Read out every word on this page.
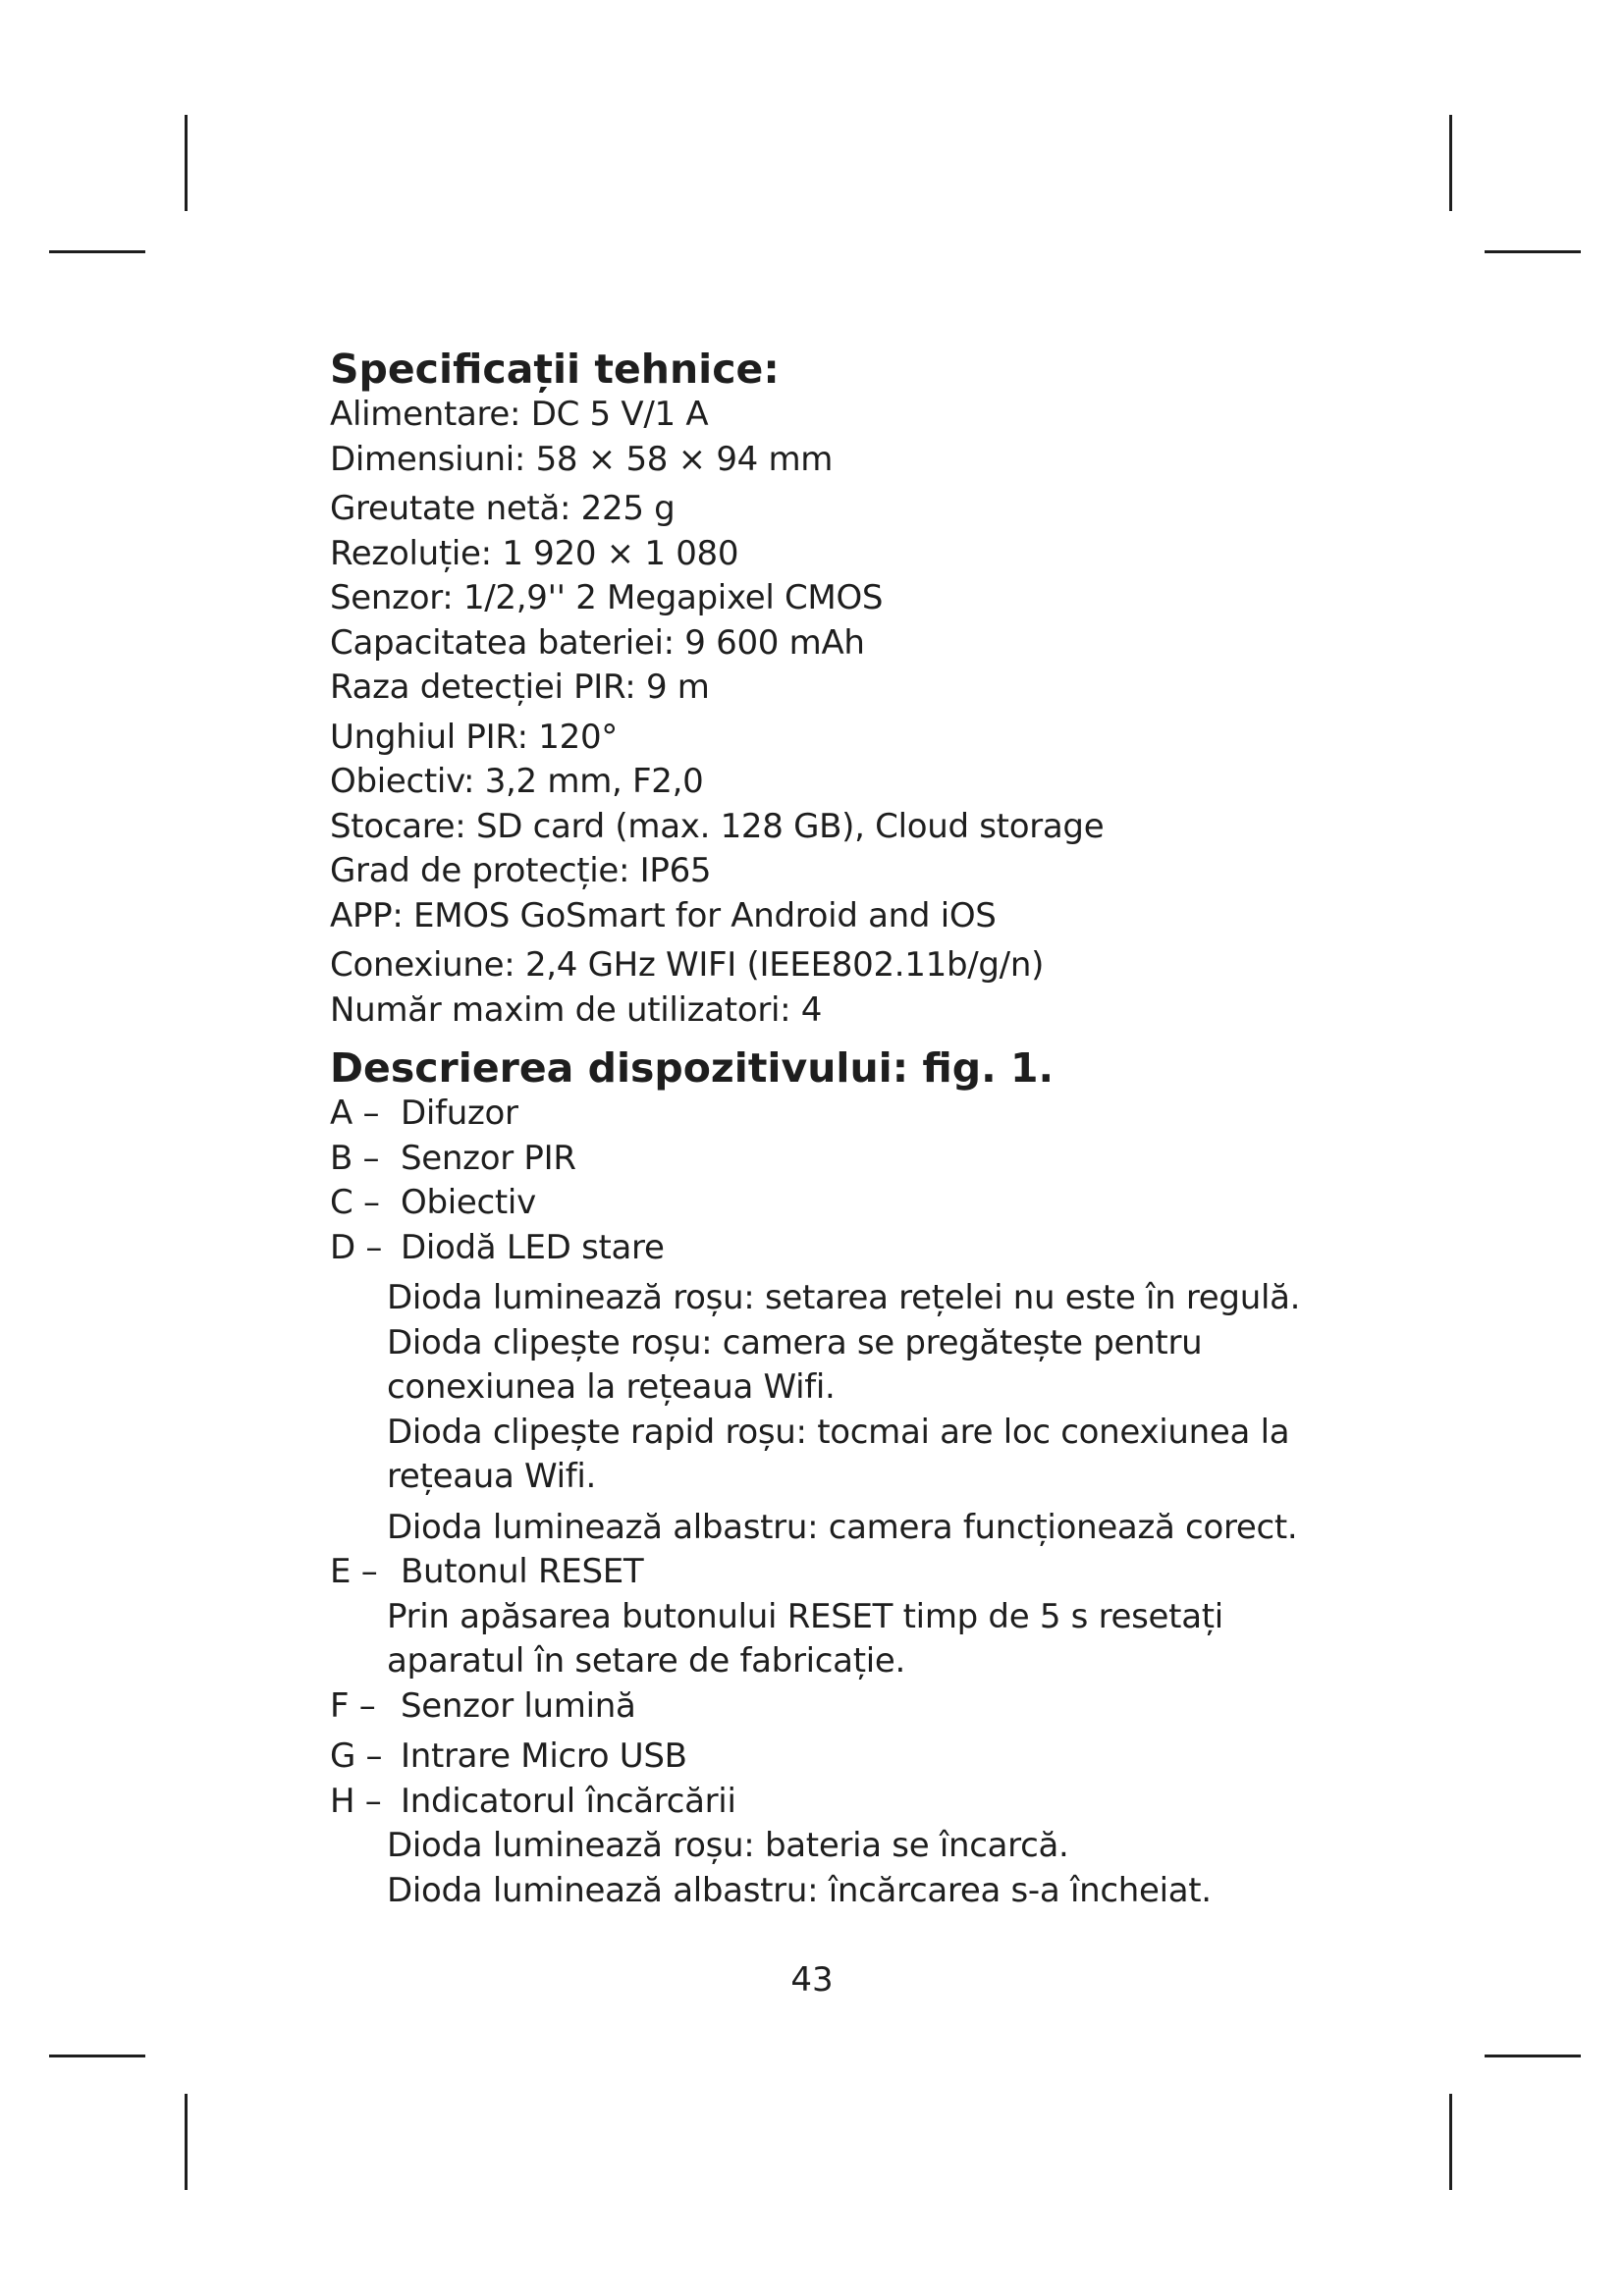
Specificații tehnice:

Alimentare: DC 5 V/1 A

Dimensiuni: 58 × 58 × 94 mm

Greutate netă: 225 g

Rezoluție: 1 920 × 1 080

Senzor: 1/2,9'' 2 Megapixel CMOS

Capacitatea bateriei: 9 600 mAh

Raza detecției PIR: 9 m

Unghiul PIR: 120°

Obiectiv: 3,2 mm, F2,0

Stocare: SD card (max. 128 GB), Cloud storage

Grad de protecție: IP65

APP: EMOS GoSmart for Android and iOS

Conexiune: 2,4 GHz WIFI (IEEE802.11b/g/n)

Număr maxim de utilizatori: 4

Descrierea dispozitivului: fig. 1.
A – Difuzor
B – Senzor PIR
C – Obiectiv
D – Diodă LED stare

Dioda luminează roșu: setarea rețelei nu este în regulă.

Dioda clipește roșu: camera se pregătește pentru conexiunea la rețeaua Wifi.

Dioda clipește rapid roșu: tocmai are loc conexiunea la rețeaua Wifi.

Dioda luminează albastru: camera funcționează corect.

E – Butonul RESET

Prin apăsarea butonului RESET timp de 5 s resetați aparatul în setare de fabricație.

F – Senzor lumină
G – Intrare Micro USB
H – Indicatorul încărcării

Dioda luminează roșu: bateria se încarcă.

Dioda luminează albastru: încărcarea s-a încheiat.

43
